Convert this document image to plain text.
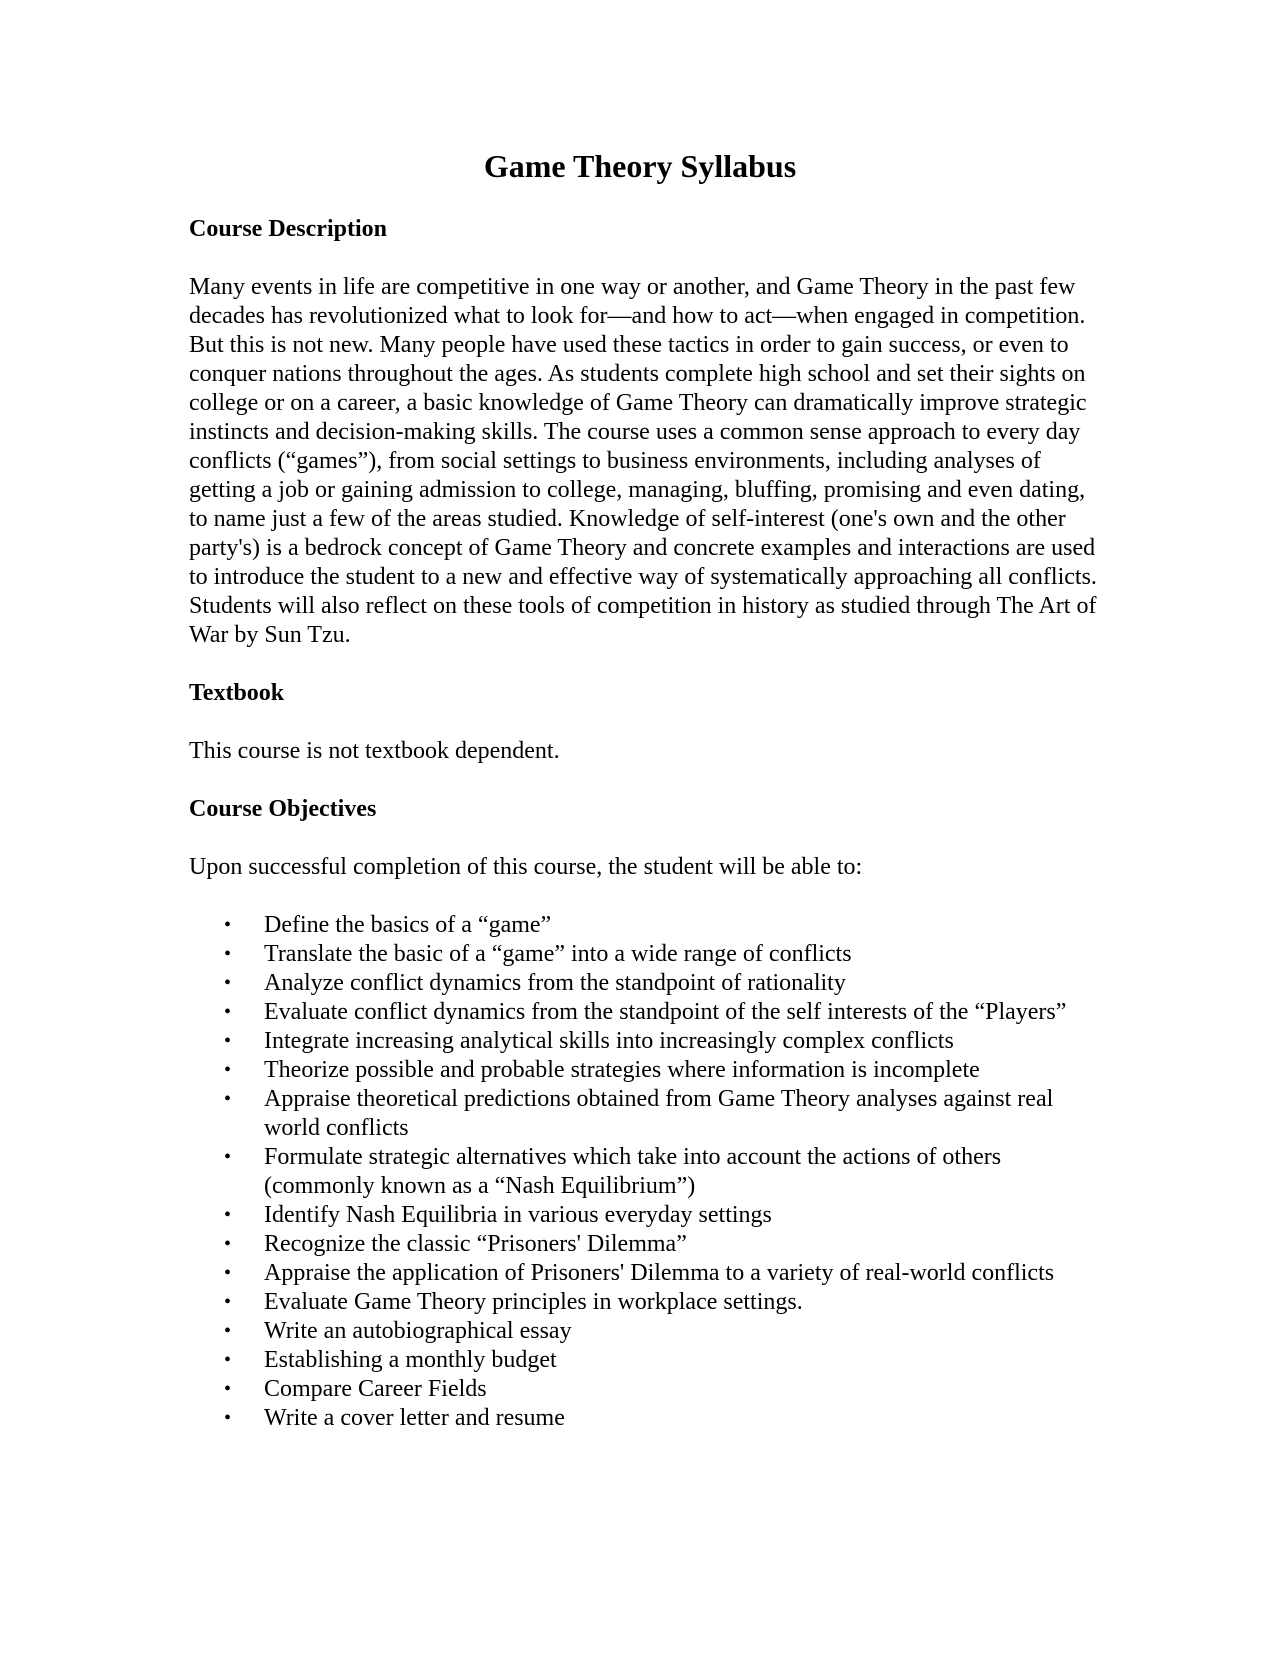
Game Theory Syllabus
Course Description

Many events in life are competitive in one way or another, and Game Theory in the past few decades has revolutionized what to look for—and how to act—when engaged in competition. But this is not new. Many people have used these tactics in order to gain success, or even to conquer nations throughout the ages. As students complete high school and set their sights on college or on a career, a basic knowledge of Game Theory can dramatically improve strategic instincts and decision-making skills. The course uses a common sense approach to every day conflicts (“games”), from social settings to business environments, including analyses of getting a job or gaining admission to college, managing, bluffing, promising and even dating, to name just a few of the areas studied. Knowledge of self-interest (one's own and the other party's) is a bedrock concept of Game Theory and concrete examples and interactions are used to introduce the student to a new and effective way of systematically approaching all conflicts. Students will also reflect on these tools of competition in history as studied through The Art of War by Sun Tzu.

Textbook

This course is not textbook dependent.

Course Objectives

Upon successful completion of this course, the student will be able to:

• Define the basics of a “game”
• Translate the basic of a “game” into a wide range of conflicts
• Analyze conflict dynamics from the standpoint of rationality
• Evaluate conflict dynamics from the standpoint of the self interests of the “Players”
• Integrate increasing analytical skills into increasingly complex conflicts
• Theorize possible and probable strategies where information is incomplete
• Appraise theoretical predictions obtained from Game Theory analyses against real world conflicts
• Formulate strategic alternatives which take into account the actions of others (commonly known as a “Nash Equilibrium”)
• Identify Nash Equilibria in various everyday settings
• Recognize the classic “Prisoners' Dilemma”
• Appraise the application of Prisoners' Dilemma to a variety of real-world conflicts
• Evaluate Game Theory principles in workplace settings.
• Write an autobiographical essay
• Establishing a monthly budget
• Compare Career Fields
• Write a cover letter and resume
